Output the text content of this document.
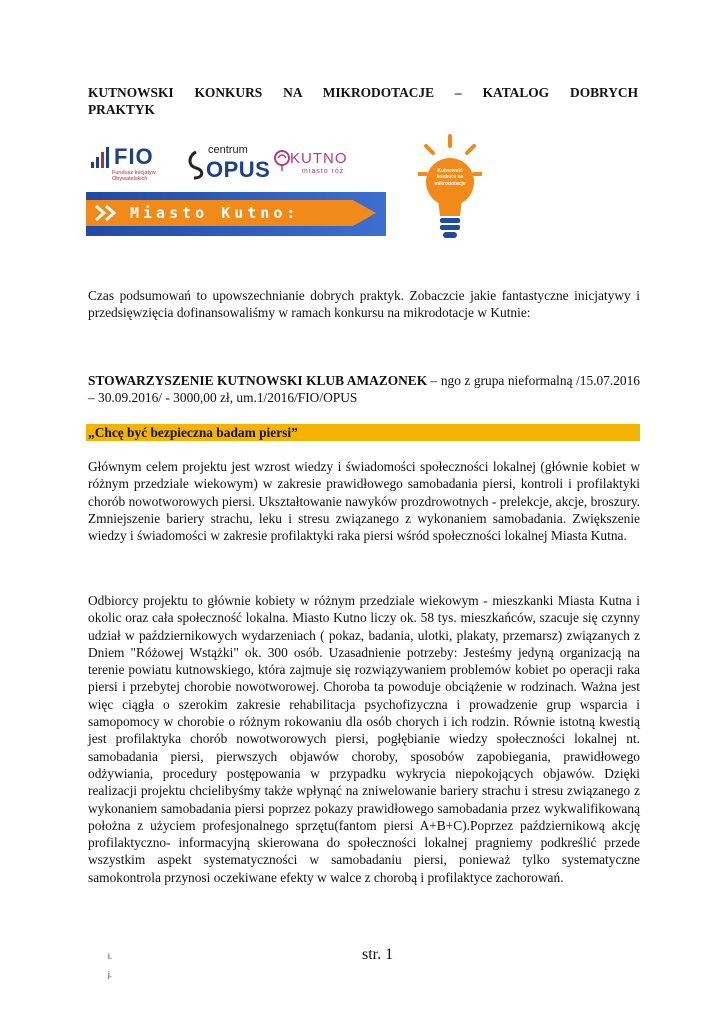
KUTNOWSKI KONKURS NA MIKRODOTACJE – KATALOG DOBRYCH
PRAKTYK
FIO
Fundusz Inicjatyw Obywatelskich
centrum
OPUS KUTNO
miasto róż
Miasto Kutno:
Kutnowski konkurs na mikrodotacje
Czas podsumowań to upowszechnianie dobrych praktyk. Zobaczcie jakie fantastyczne inicjatywy i przedsięwzięcia dofinansowaliśmy w ramach konkursu na mikrodotacje w Kutnie:
STOWARZYSZENIE KUTNOWSKI KLUB AMAZONEK – ngo z grupa nieformalną /15.07.2016 – 30.09.2016/ - 3000,00 zł, um.1/2016/FIO/OPUS
„Chcę być bezpieczna badam piersi”
Głównym celem projektu jest wzrost wiedzy i świadomości społeczności lokalnej (głównie kobiet w różnym przedziale wiekowym) w zakresie prawidłowego samobadania piersi, kontroli i profilaktyki chorób nowotworowych piersi. Ukształtowanie nawyków prozdrowotnych - prelekcje, akcje, broszury. Zmniejszenie bariery strachu, leku i stresu związanego z wykonaniem samobadania. Zwiększenie wiedzy i świadomości w zakresie profilaktyki raka piersi wśród społeczności lokalnej Miasta Kutna.
Odbiorcy projektu to głównie kobiety w różnym przedziale wiekowym - mieszkanki Miasta Kutna i okolic oraz cała społeczność lokalna. Miasto Kutno liczy ok. 58 tys. mieszkańców, szacuje się czynny udział w październikowych wydarzeniach ( pokaz, badania, ulotki, plakaty, przemarsz) związanych z Dniem "Różowej Wstążki" ok. 300 osób. Uzasadnienie potrzeby: Jesteśmy jedyną organizacją na terenie powiatu kutnowskiego, która zajmuje się rozwiązywaniem problemów kobiet po operacji raka piersi i przebytej chorobie nowotworowej. Choroba ta powoduje obciążenie w rodzinach. Ważna jest więc ciągła o szerokim zakresie rehabilitacja psychofizyczna i prowadzenie grup wsparcia i samopomocy w chorobie o różnym rokowaniu dla osób chorych i ich rodzin. Równie istotną kwestią jest profilaktyka chorób nowotworowych piersi, pogłębianie wiedzy społeczności lokalnej nt. samobadania piersi, pierwszych objawów choroby, sposobów zapobiegania, prawidłowego odżywiania, procedury postępowania w przypadku wykrycia niepokojących objawów. Dzięki realizacji projektu chcielibyśmy także wpłynąć na zniwelowanie bariery strachu i stresu związanego z wykonaniem samobadania piersi poprzez pokazy prawidłowego samobadania przez wykwalifikowaną położna z użyciem profesjonalnego sprzętu(fantom piersi A+B+C).Poprzez październikową akcję profilaktyczno- informacyjną skierowana do społeczności lokalnej pragniemy podkreślić przede wszystkim aspekt systematyczności w samobadaniu piersi, ponieważ tylko systematyczne samokontrola przynosi oczekiwane efekty w walce z chorobą i profilaktyce zachorowań.
i.
j.
str. 1
